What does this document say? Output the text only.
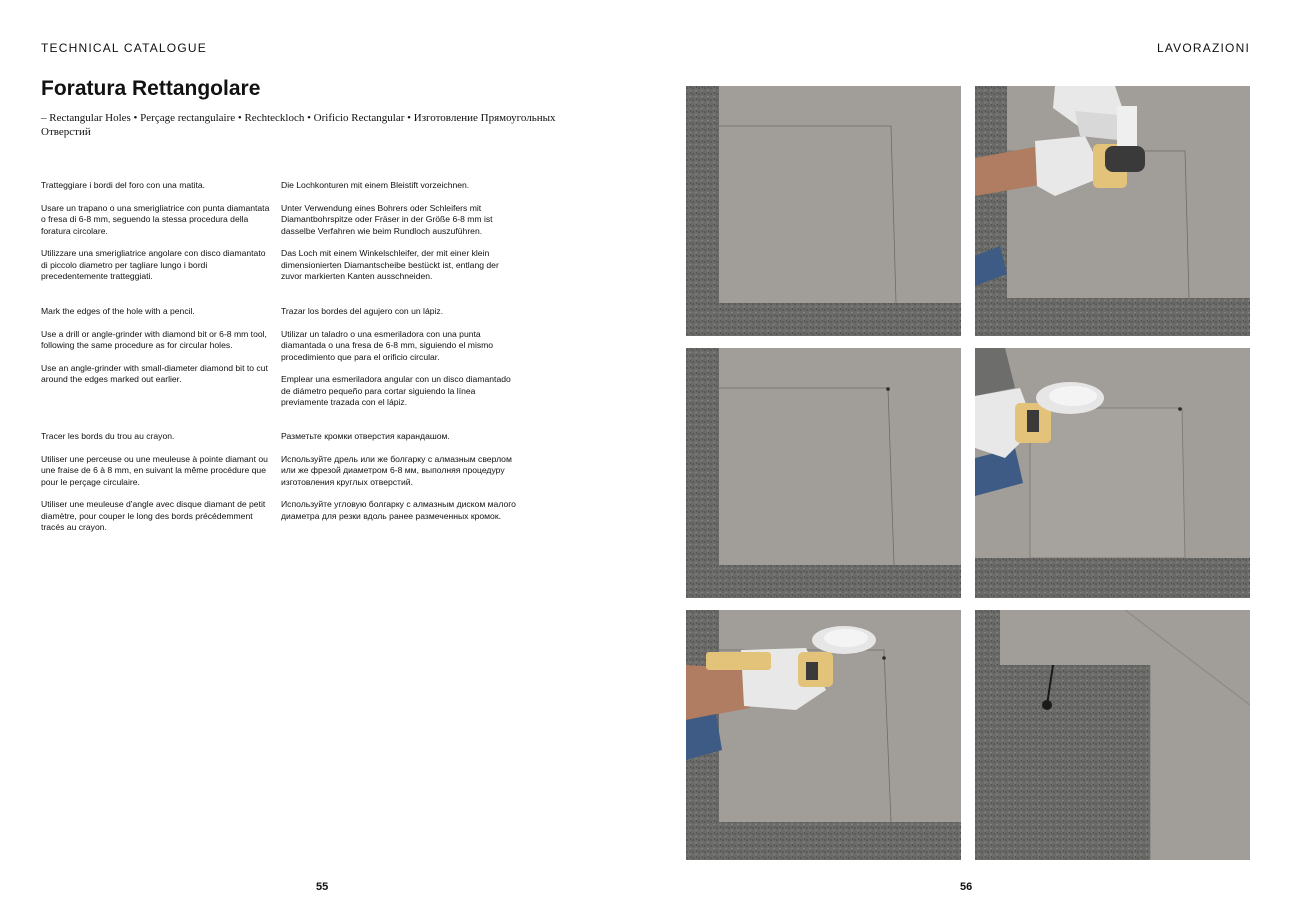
TECHNICAL CATALOGUE
Foratura Rettangolare
– Rectangular Holes • Perçage rectangulaire • Rechteckloch • Orificio Rectangular • Изготовление Прямоугольных Отверстий

Tratteggiare i bordi del foro con una matita.

Usare un trapano o una smerigliatrice con punta diamantata o fresa di 6-8 mm, seguendo la stessa procedura della foratura circolare.

Utilizzare una smerigliatrice angolare con disco diamantato di piccolo diametro per tagliare lungo i bordi precedentemente tratteggiati.

Die Lochkonturen mit einem Bleistift vorzeichnen.

Unter Verwendung eines Bohrers oder Schleifers mit Diamantbohrspitze oder Fräser in der Größe 6-8 mm ist dasselbe Verfahren wie beim Rundloch auszuführen.

Das Loch mit einem Winkelschleifer, der mit einer klein dimensionierten Diamantscheibe bestückt ist, entlang der zuvor markierten Kanten ausschneiden.

Mark the edges of the hole with a pencil.

Use a drill or angle-grinder with diamond bit or 6-8 mm tool, following the same procedure as for circular holes.

Use an angle-grinder with small-diameter diamond bit to cut around the edges marked out earlier.

Trazar los bordes del agujero con un lápiz.

Utilizar un taladro o una esmeriladora con una punta diamantada o una fresa de 6-8 mm, siguiendo el mismo procedimiento que para el orificio circular.

Emplear una esmeriladora angular con un disco diamantado de diámetro pequeño para cortar siguiendo la línea previamente trazada con el lápiz.

Tracer les bords du trou au crayon.

Utiliser une perceuse ou une meuleuse à pointe diamant ou une fraise de 6 à 8 mm, en suivant la même procédure que pour le perçage circulaire.

Utiliser une meuleuse d'angle avec disque diamant de petit diamètre, pour couper le long des bords précédemment tracés au crayon.

Разметьте кромки отверстия карандашом.

Используйте дрель или же болгарку с алмазным сверлом или же фрезой диаметром 6-8 мм, выполняя процедуру изготовления круглых отверстий.

Используйте угловую болгарку с алмазным диском малого диаметра для резки вдоль ранее размеченных кромок.

55
LAVORAZIONI
56
